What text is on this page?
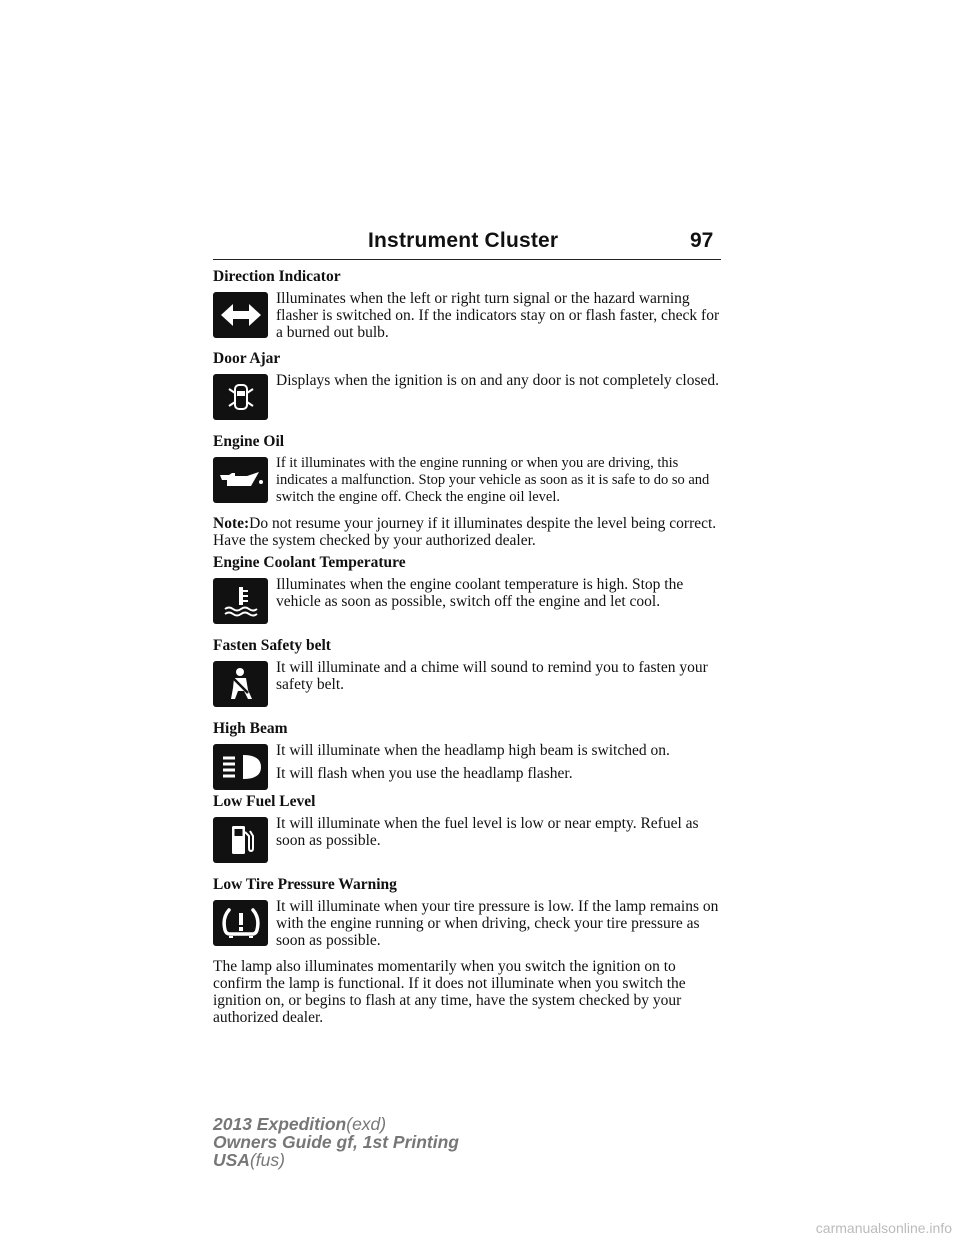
Instrument Cluster	97
Direction Indicator

Illuminates when the left or right turn signal or the hazard warning flasher is switched on. If the indicators stay on or flash faster, check for a burned out bulb.

Door Ajar

Displays when the ignition is on and any door is not completely closed.

Engine Oil

If it illuminates with the engine running or when you are driving, this indicates a malfunction. Stop your vehicle as soon as it is safe to do so and switch the engine off. Check the engine oil level.

Note:Do not resume your journey if it illuminates despite the level being correct. Have the system checked by your authorized dealer.

Engine Coolant Temperature

Illuminates when the engine coolant temperature is high. Stop the vehicle as soon as possible, switch off the engine and let cool.

Fasten Safety belt

It will illuminate and a chime will sound to remind you to fasten your safety belt.

High Beam

It will illuminate when the headlamp high beam is switched on.

It will flash when you use the headlamp flasher.

Low Fuel Level

It will illuminate when the fuel level is low or near empty. Refuel as soon as possible.

Low Tire Pressure Warning

It will illuminate when your tire pressure is low. If the lamp remains on with the engine running or when driving, check your tire pressure as soon as possible.

The lamp also illuminates momentarily when you switch the ignition on to confirm the lamp is functional. If it does not illuminate when you switch the ignition on, or begins to flash at any time, have the system checked by your authorized dealer.

2013 Expedition(exd)
Owners Guide gf, 1st Printing
USA(fus)
carmanualsonline.info
